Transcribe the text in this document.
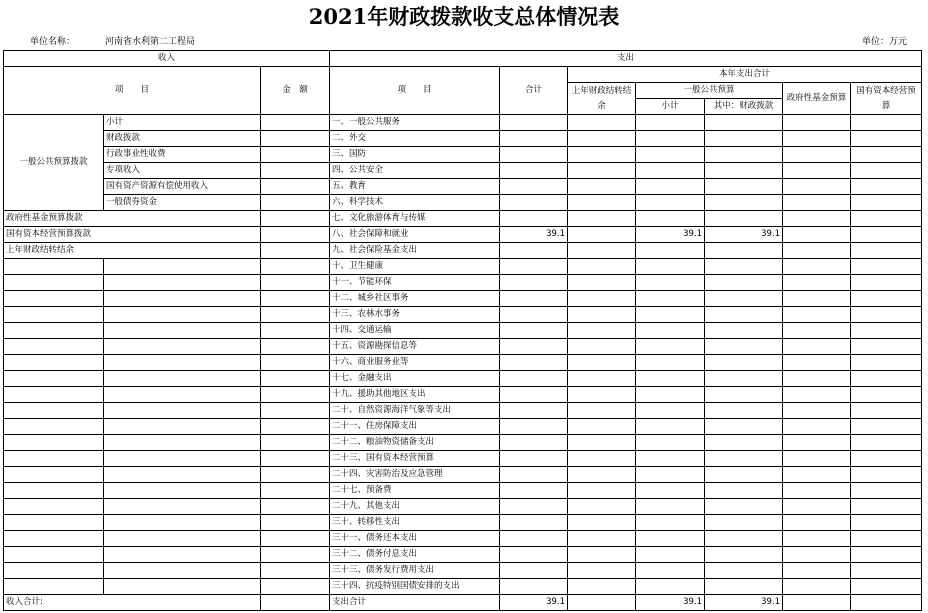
2021年财政拨款收支总体情况表
单位名称：	河南省水利第二工程局	单位：万元
收入			支出						
项　　目		金　额	项　　目	合计	本年支出合计				
					上年财政结转结余	一般公共预算		政府性基金预算	国有资本经营预算
						小计	其中：财政拨款		
一般公共预算拨款	小计		一、一般公共服务						
	财政拨款		二、外交						
	行政事业性收费		三、国防						
	专项收入		四、公共安全						
	国有资产资源有偿使用收入		五、教育						
	一般债券资金		六、科学技术						
政府性基金预算拨款			七、文化旅游体育与传媒						
国有资本经营预算拨款			八、社会保障和就业	39.1		39.1	39.1		
上年财政结转结余			九、社会保险基金支出						
			十、卫生健康						
			十一、节能环保						
			十二、城乡社区事务						
			十三、农林水事务						
			十四、交通运输						
			十五、资源勘探信息等						
			十六、商业服务业等						
			十七、金融支出						
			十九、援助其他地区支出						
			二十、自然资源海洋气象等支出						
			二十一、住房保障支出						
			二十二、粮油物资储备支出						
			二十三、国有资本经营预算						
			二十四、灾害防治及应急管理						
			二十七、预备费						
			二十九、其他支出						
			三十、转移性支出						
			三十一、债务还本支出						
			三十二、债务付息支出						
			三十三、债务发行费用支出						
			三十四、抗疫特别国债安排的支出						
收入合计:			支出合计	39.1		39.1	39.1		
